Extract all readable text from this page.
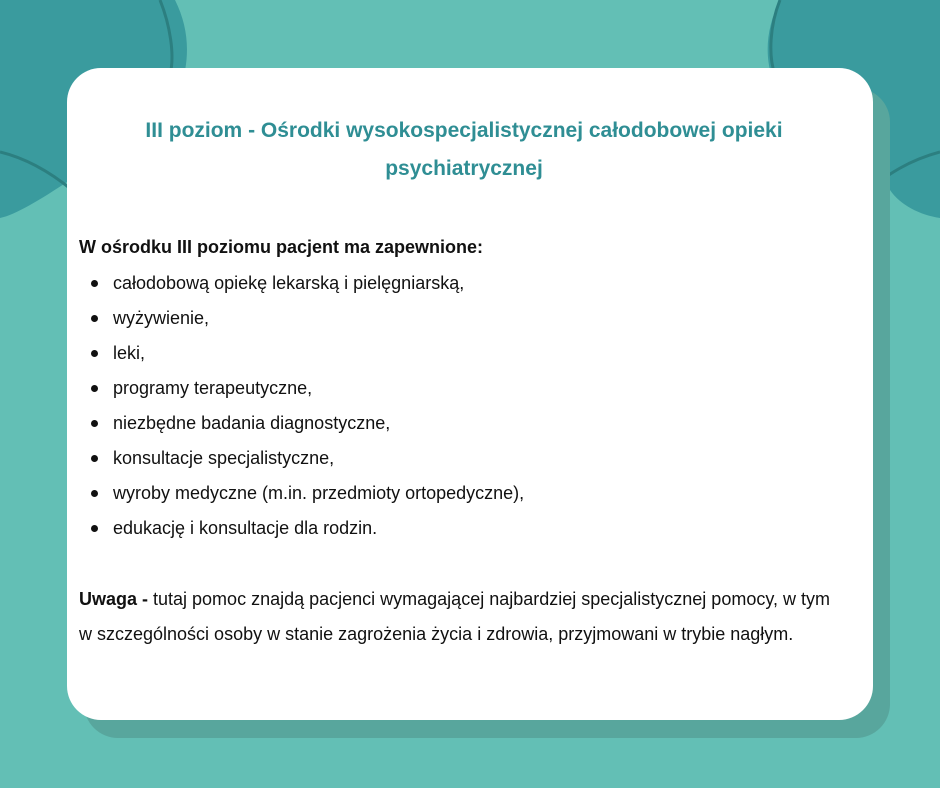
III poziom - Ośrodki wysokospecjalistycznej całodobowej opieki psychiatrycznej

W ośrodku III poziomu pacjent ma zapewnione:

całodobową opiekę lekarską i pielęgniarską,
wyżywienie,
leki,
programy terapeutyczne,
niezbędne badania diagnostyczne,
konsultacje specjalistyczne,
wyroby medyczne (m.in. przedmioty ortopedyczne),
edukację i konsultacje dla rodzin.

Uwaga - tutaj pomoc znajdą pacjenci wymagającej najbardziej specjalistycznej pomocy, w tym w szczególności osoby w stanie zagrożenia życia i zdrowia, przyjmowani w trybie nagłym.
